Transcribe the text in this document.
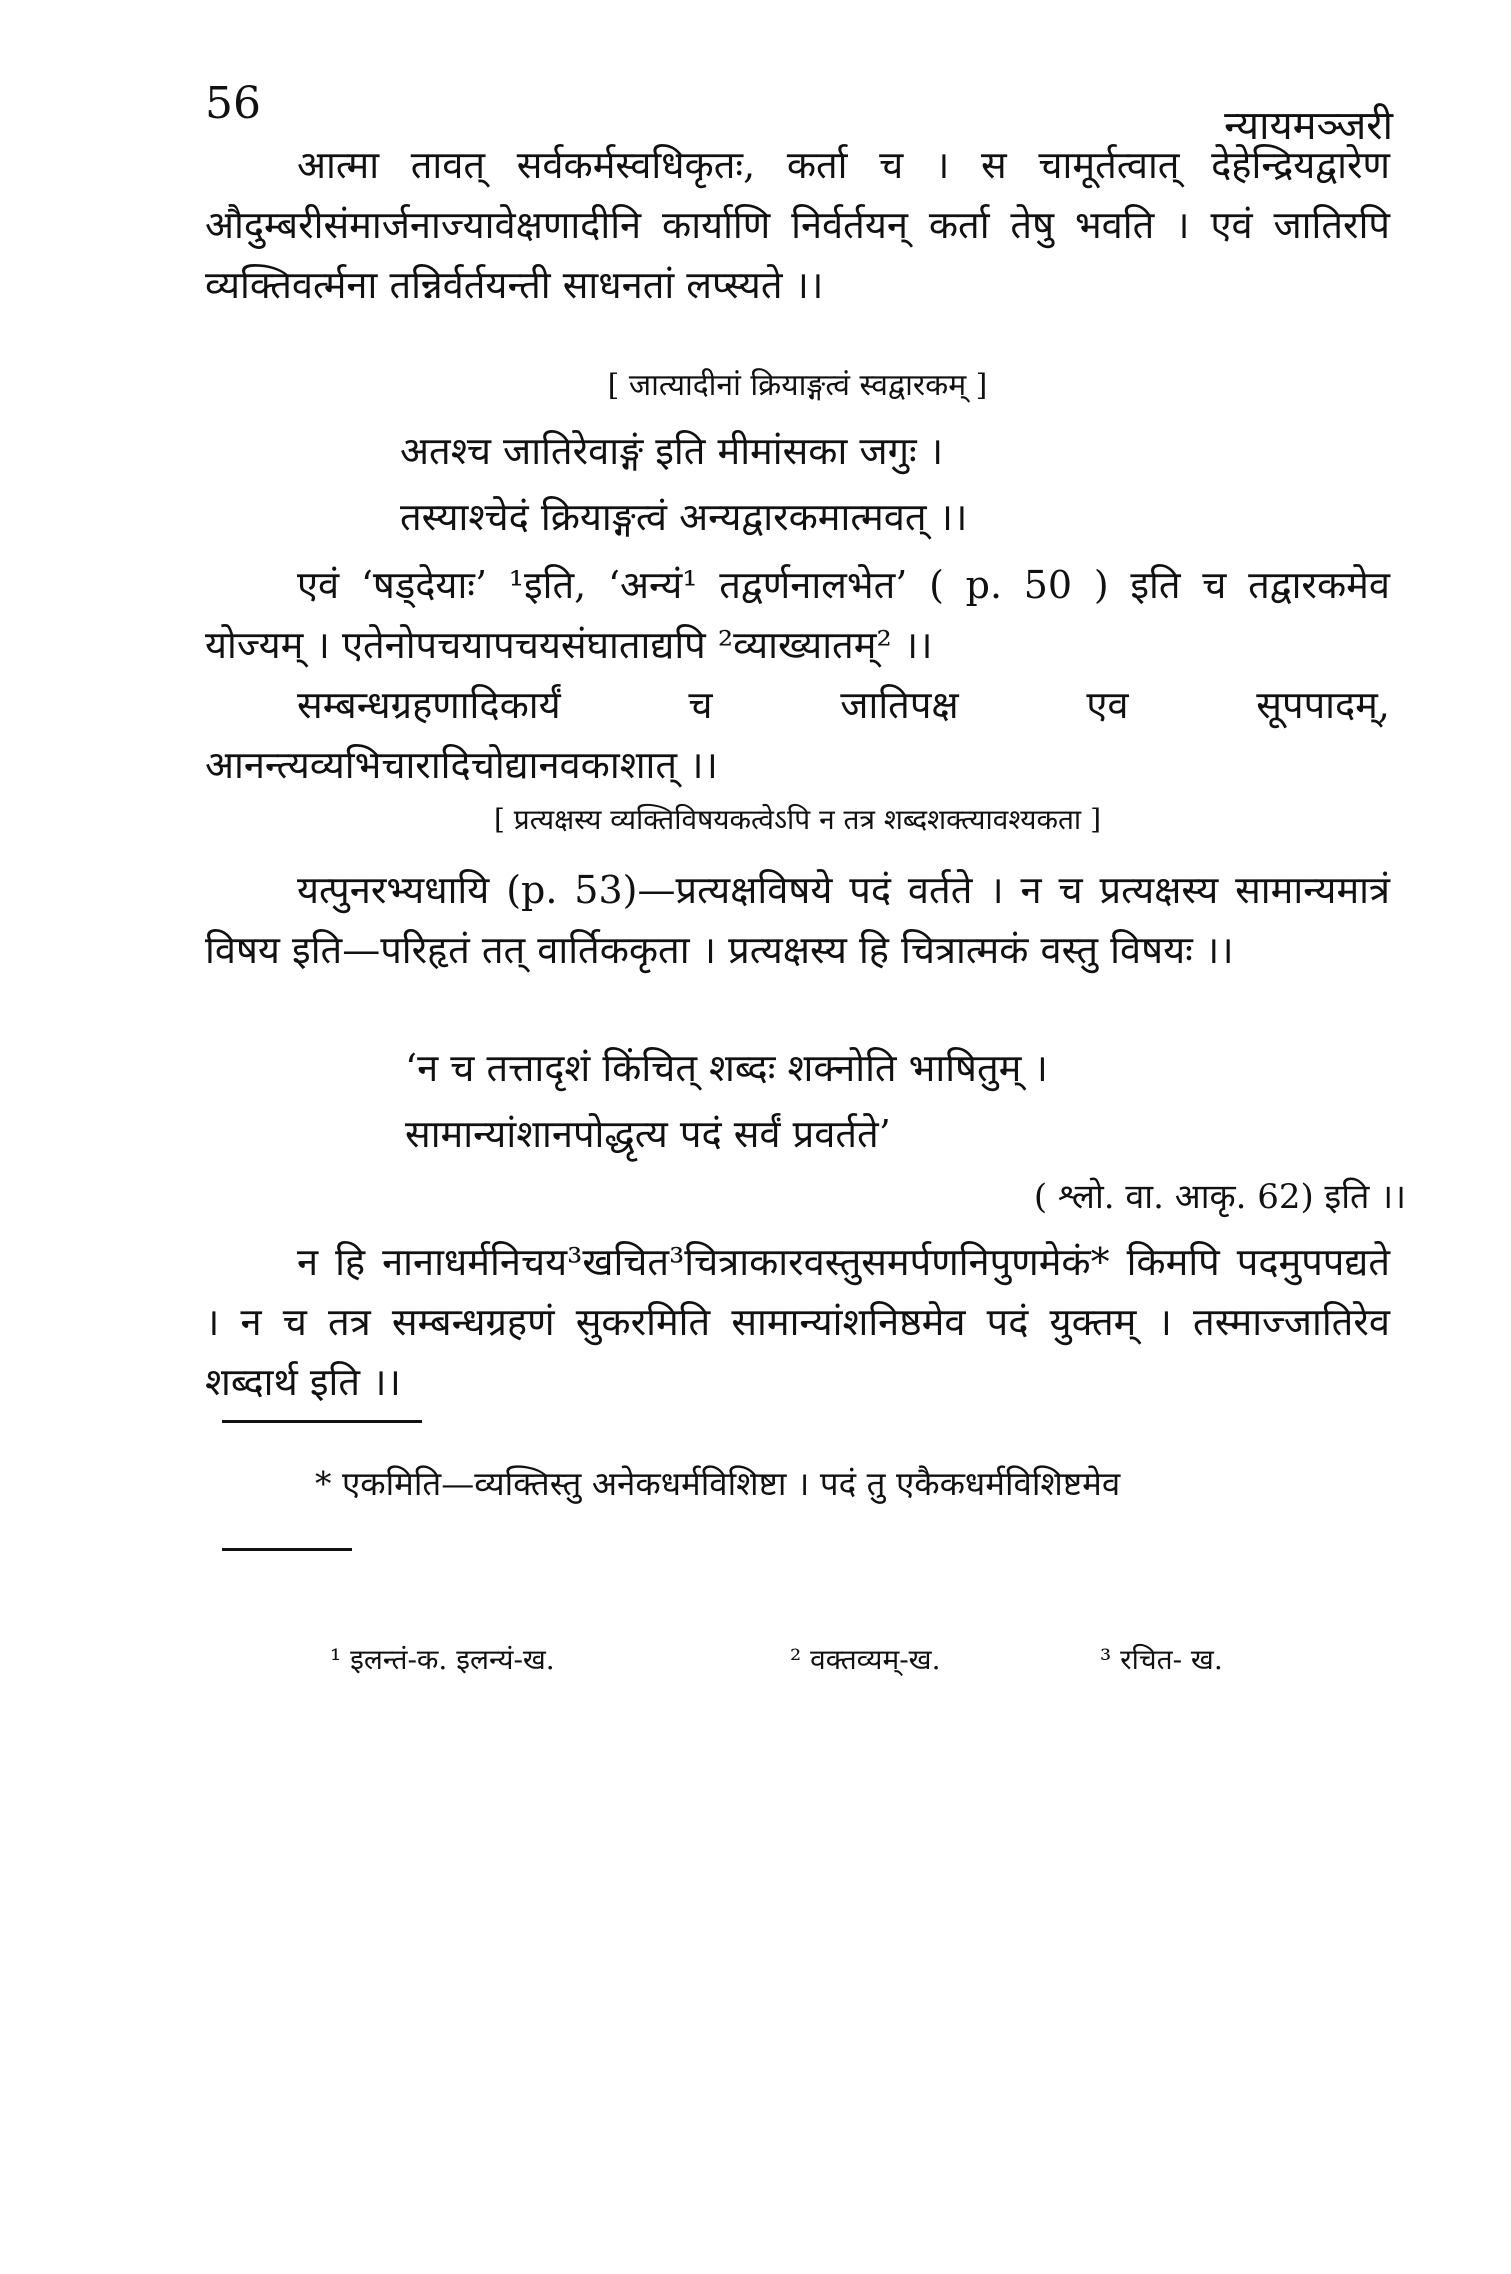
56	न्यायमञ्जरी
आत्मा तावत् सर्वकर्मस्वधिकृतः, कर्ता च । स चामूर्तत्वात् देहेन्द्रियद्वारेण औदुम्बरीसंमार्जनाज्यावेक्षणादीनि कार्याणि निर्वर्तयन् कर्ता तेषु भवति । एवं जातिरपि व्यक्तिवर्त्मना तन्निर्वर्तयन्ती साधनतां लप्स्यते ।।
[ जात्यादीनां क्रियाङ्गत्वं स्वद्वारकम् ]
अतश्च जातिरेवाङ्गं इति मीमांसका जगुः ।
तस्याश्चेदं क्रियाङ्गत्वं अन्यद्वारकमात्मवत् ।।
एवं ‘षड्देयाः’ ¹इति, ‘अन्यं¹ तद्वर्णनालभेत’ ( p. 50 ) इति च तद्वारकमेव योज्यम् । एतेनोपचयापचयसंघाताद्यपि ²व्याख्यातम्² ।।
सम्बन्धग्रहणादिकार्यं च जातिपक्ष एव सूपपादम्, आनन्त्यव्यभिचारादिचोद्यानवकाशात् ।।
[ प्रत्यक्षस्य व्यक्तिविषयकत्वेऽपि न तत्र शब्दशक्त्यावश्यकता ]
यत्पुनरभ्यधायि (p. 53)—प्रत्यक्षविषये पदं वर्तते । न च प्रत्यक्षस्य सामान्यमात्रं विषय इति—परिहृतं तत् वार्तिककृता । प्रत्यक्षस्य हि चित्रात्मकं वस्तु विषयः ।।
‘न च तत्तादृशं किंचित् शब्दः शक्नोति भाषितुम् ।
सामान्यांशानपोद्धृत्य पदं सर्वं प्रवर्तते’
( श्लो. वा. आकृ. 62) इति ।।
न हि नानाधर्मनिचय³खचित³चित्राकारवस्तुसमर्पणनिपुणमेकं* किमपि पदमुपपद्यते । न च तत्र सम्बन्धग्रहणं सुकरमिति सामान्यांशनिष्ठमेव पदं युक्तम् । तस्माज्जातिरेव शब्दार्थ इति ।।
* एकमिति—व्यक्तिस्तु अनेकधर्मविशिष्टा । पदं तु एकैकधर्मविशिष्टमेव
¹ इलन्तं-क. इलन्यं-ख.	² वक्तव्यम्-ख.	³ रचित- ख.
